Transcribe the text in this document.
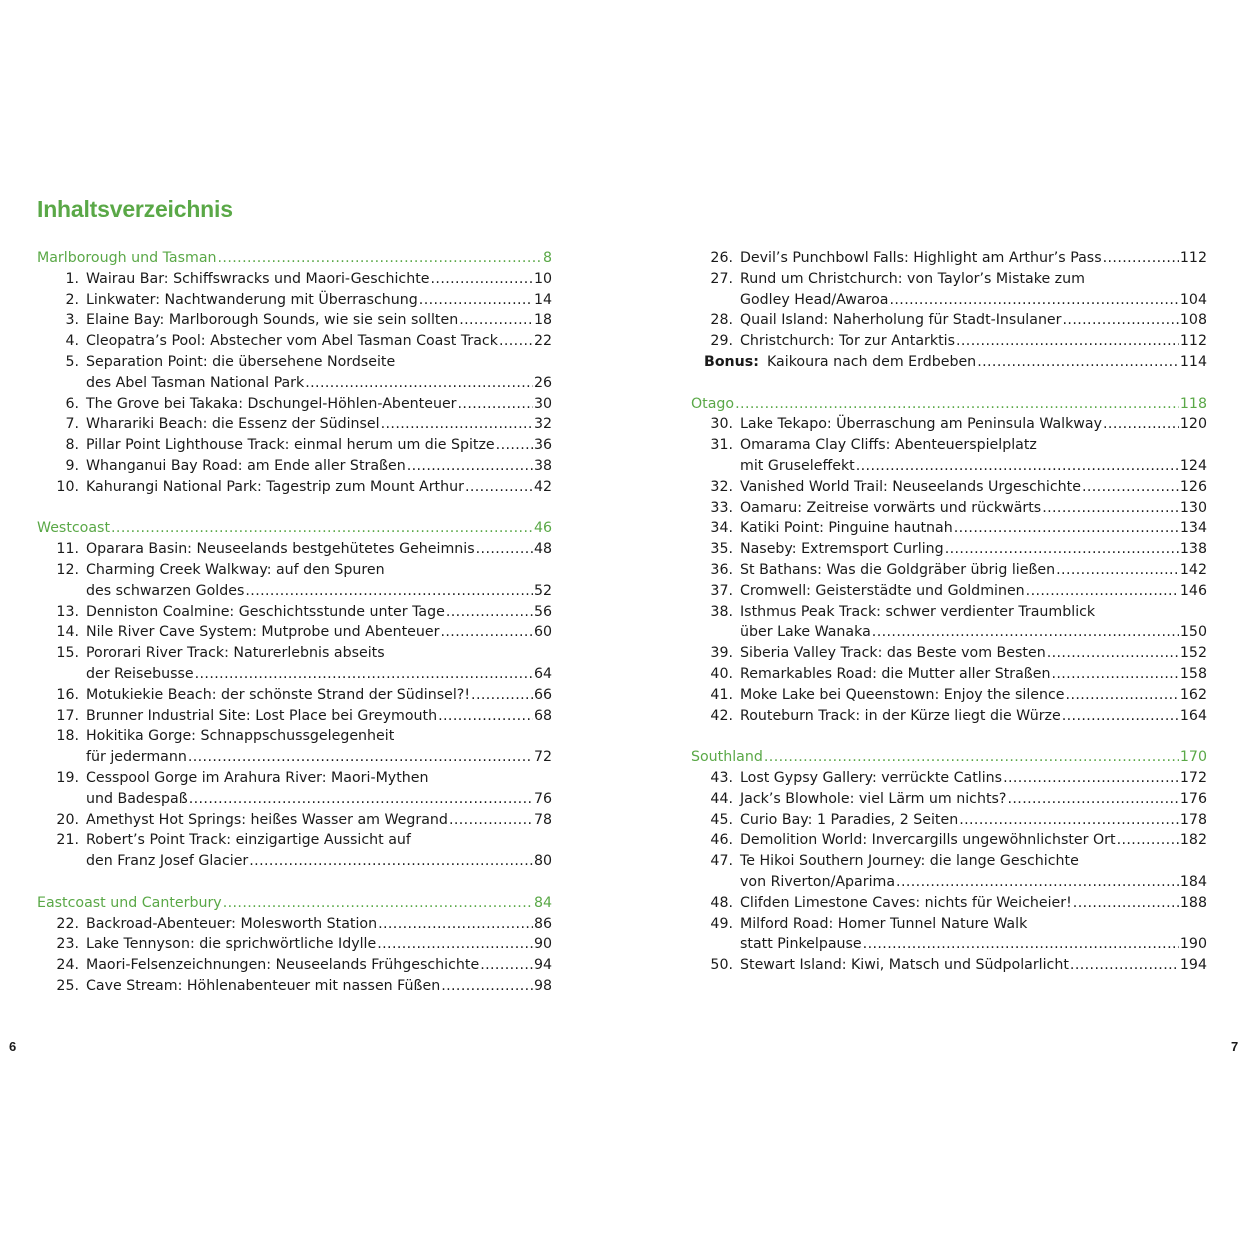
Inhaltsverzeichnis
Marlborough und Tasman .....	8
1. Wairau Bar: Schiffswracks und Maori-Geschichte .....	10
2. Linkwater: Nachtwanderung mit Überraschung .....	14
3. Elaine Bay: Marlborough Sounds, wie sie sein sollten .....	18
4. Cleopatra’s Pool: Abstecher vom Abel Tasman Coast Track .....	22
5. Separation Point: die übersehene Nordseite
des Abel Tasman National Park .....	26
6. The Grove bei Takaka: Dschungel-Höhlen-Abenteuer .....	30
7. Wharariki Beach: die Essenz der Südinsel .....	32
8. Pillar Point Lighthouse Track: einmal herum um die Spitze .....	36
9. Whanganui Bay Road: am Ende aller Straßen .....	38
10. Kahurangi National Park: Tagestrip zum Mount Arthur .....	42
Westcoast .....	46
11. Oparara Basin: Neuseelands bestgehütetes Geheimnis .....	48
12. Charming Creek Walkway: auf den Spuren
des schwarzen Goldes .....	52
13. Denniston Coalmine: Geschichtsstunde unter Tage .....	56
14. Nile River Cave System: Mutprobe und Abenteuer .....	60
15. Pororari River Track: Naturerlebnis abseits
der Reisebusse .....	64
16. Motukiekie Beach: der schönste Strand der Südinsel?! .....	66
17. Brunner Industrial Site: Lost Place bei Greymouth .....	68
18. Hokitika Gorge: Schnappschussgelegenheit
für jedermann .....	72
19. Cesspool Gorge im Arahura River: Maori-Mythen
und Badespaß .....	76
20. Amethyst Hot Springs: heißes Wasser am Wegrand .....	78
21. Robert’s Point Track: einzigartige Aussicht auf
den Franz Josef Glacier .....	80
Eastcoast und Canterbury .....	84
22. Backroad-Abenteuer: Molesworth Station .....	86
23. Lake Tennyson: die sprichwörtliche Idylle .....	90
24. Maori-Felsenzeichnungen: Neuseelands Frühgeschichte .....	94
25. Cave Stream: Höhlenabenteuer mit nassen Füßen .....	98
26. Devil’s Punchbowl Falls: Highlight am Arthur’s Pass .....	112
27. Rund um Christchurch: von Taylor’s Mistake zum
Godley Head/Awaroa .....	104
28. Quail Island: Naherholung für Stadt-Insulaner .....	108
29. Christchurch: Tor zur Antarktis .....	112
Bonus: Kaikoura nach dem Erdbeben .....	114
Otago .....	118
30. Lake Tekapo: Überraschung am Peninsula Walkway .....	120
31. Omarama Clay Cliffs: Abenteuerspielplatz
mit Gruseleffekt .....	124
32. Vanished World Trail: Neuseelands Urgeschichte .....	126
33. Oamaru: Zeitreise vorwärts und rückwärts .....	130
34. Katiki Point: Pinguine hautnah .....	134
35. Naseby: Extremsport Curling .....	138
36. St Bathans: Was die Goldgräber übrig ließen .....	142
37. Cromwell: Geisterstädte und Goldminen .....	146
38. Isthmus Peak Track: schwer verdienter Traumblick
über Lake Wanaka .....	150
39. Siberia Valley Track: das Beste vom Besten .....	152
40. Remarkables Road: die Mutter aller Straßen .....	158
41. Moke Lake bei Queenstown: Enjoy the silence .....	162
42. Routeburn Track: in der Kürze liegt die Würze .....	164
Southland .....	170
43. Lost Gypsy Gallery: verrückte Catlins .....	172
44. Jack’s Blowhole: viel Lärm um nichts? .....	176
45. Curio Bay: 1 Paradies, 2 Seiten .....	178
46. Demolition World: Invercargills ungewöhnlichster Ort .....	182
47. Te Hikoi Southern Journey: die lange Geschichte
von Riverton/Aparima .....	184
48. Clifden Limestone Caves: nichts für Weicheier! .....	188
49. Milford Road: Homer Tunnel Nature Walk
statt Pinkelpause .....	190
50. Stewart Island: Kiwi, Matsch und Südpolarlicht .....	194
6	7
